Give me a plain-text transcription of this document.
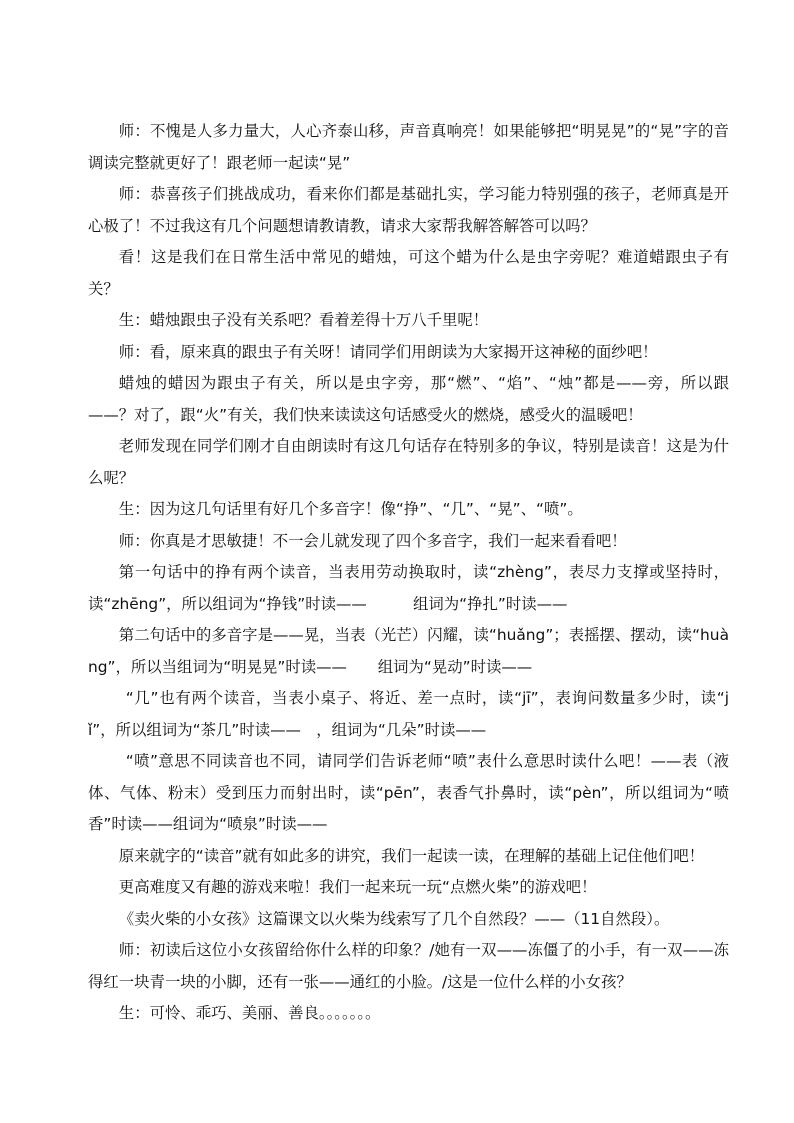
师：不愧是人多力量大，人心齐泰山移，声音真响亮！如果能够把“明晃晃”的“晃”字的音调读完整就更好了！跟老师一起读“晃”

师：恭喜孩子们挑战成功，看来你们都是基础扎实，学习能力特别强的孩子，老师真是开心极了！不过我这有几个问题想请教请教，请求大家帮我解答解答可以吗？

看！这是我们在日常生活中常见的蜡烛，可这个蜡为什么是虫字旁呢？难道蜡跟虫子有关？

生：蜡烛跟虫子没有关系吧？看着差得十万八千里呢！

师：看，原来真的跟虫子有关呀！请同学们用朗读为大家揭开这神秘的面纱吧！

蜡烛的蜡因为跟虫子有关，所以是虫字旁，那“燃”、“焰”、“烛”都是——旁，所以跟——？对了，跟“火”有关，我们快来读读这句话感受火的燃烧，感受火的温暖吧！

老师发现在同学们刚才自由朗读时有这几句话存在特别多的争议，特别是读音！这是为什么呢？

生：因为这几句话里有好几个多音字！像“挣”、“几”、“晃”、“喷”。

师：你真是才思敏捷！不一会儿就发现了四个多音字，我们一起来看看吧！

第一句话中的挣有两个读音，当表用劳动换取时，读“zhèng”，表尽力支撑或坚持时，读“zhēng”，所以组词为“挣钱”时读——　　　组词为“挣扎”时读——

第二句话中的多音字是——晃，当表（光芒）闪耀，读“huǎng”；表摇摆、摆动，读“huàng”，所以当组词为“明晃晃”时读——　　组词为“晃动”时读——

“几”也有两个读音，当表小桌子、将近、差一点时，读“jī”，表询问数量多少时，读“jǐ”，所以组词为“茶几”时读——　，组词为“几朵”时读——

“喷”意思不同读音也不同，请同学们告诉老师“喷”表什么意思时读什么吧！——表（液体、气体、粉末）受到压力而射出时，读“pēn”，表香气扑鼻时，读“pèn”，所以组词为“喷香”时读——组词为“喷泉”时读——

原来就字的“读音”就有如此多的讲究，我们一起读一读，在理解的基础上记住他们吧！

更高难度又有趣的游戏来啦！我们一起来玩一玩“点燃火柴”的游戏吧！

《卖火柴的小女孩》这篇课文以火柴为线索写了几个自然段？——（11自然段）。

师：初读后这位小女孩留给你什么样的印象？/她有一双——冻僵了的小手，有一双——冻得红一块青一块的小脚，还有一张——通红的小脸。/这是一位什么样的小女孩？

生：可怜、乖巧、美丽、善良。。。。。。。
